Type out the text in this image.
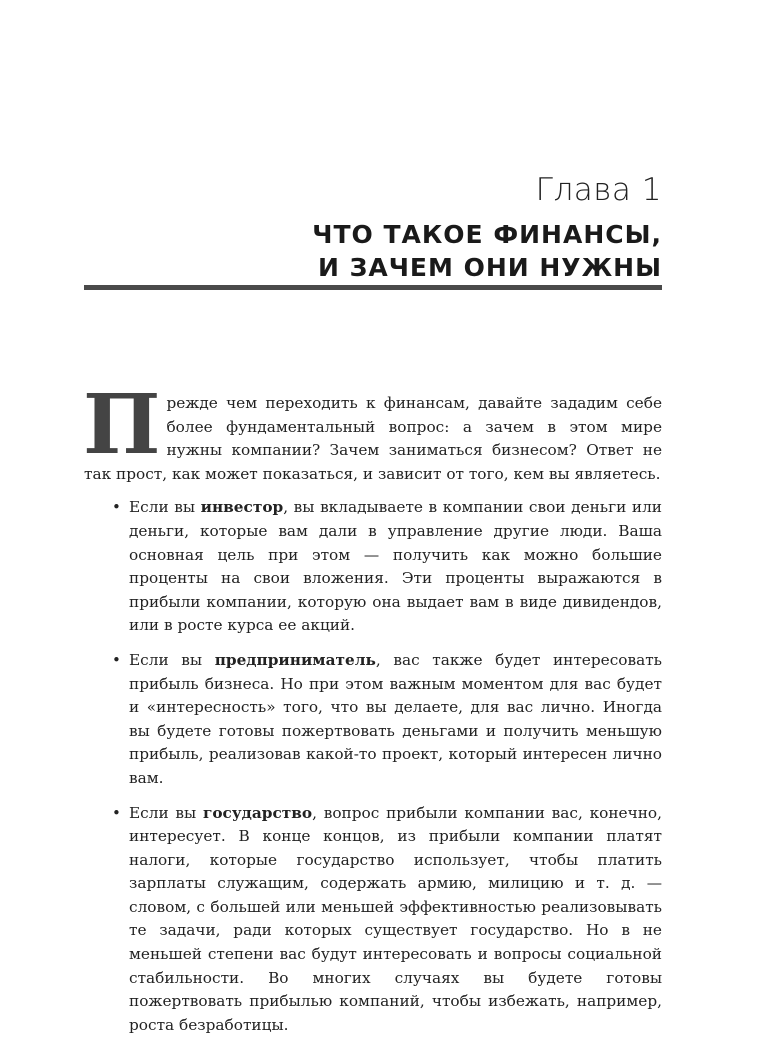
Глава 1
ЧТО ТАКОЕ ФИНАНСЫ,
И ЗАЧЕМ ОНИ НУЖНЫ

Прежде чем переходить к финансам, давайте зададим себе более фундаментальный вопрос: а зачем в этом мире нужны компании? Зачем заниматься бизнесом? Ответ не так прост, как может показаться, и зависит от того, кем вы являетесь.

• Если вы инвестор, вы вкладываете в компании свои деньги или деньги, которые вам дали в управление другие люди. Ваша основная цель при этом — получить как можно большие проценты на свои вложения. Эти проценты выражаются в прибыли компании, которую она выдает вам в виде дивидендов, или в росте курса ее акций.
• Если вы предприниматель, вас также будет интересовать прибыль бизнеса. Но при этом важным моментом для вас будет и «интересность» того, что вы делаете, для вас лично. Иногда вы будете готовы пожертвовать деньгами и получить меньшую прибыль, реализовав какой-то проект, который интересен лично вам.
• Если вы государство, вопрос прибыли компании вас, конечно, интересует. В конце концов, из прибыли компании платят налоги, которые государство использует, чтобы платить зарплаты служащим, содержать армию, милицию и т. д. — словом, с большей или меньшей эффективностью реализовывать те задачи, ради которых существует государство. Но в не меньшей степени вас будут интересовать и вопросы социальной стабильности. Во многих случаях вы будете готовы пожертвовать прибылью компаний, чтобы избежать, например, роста безработицы.
